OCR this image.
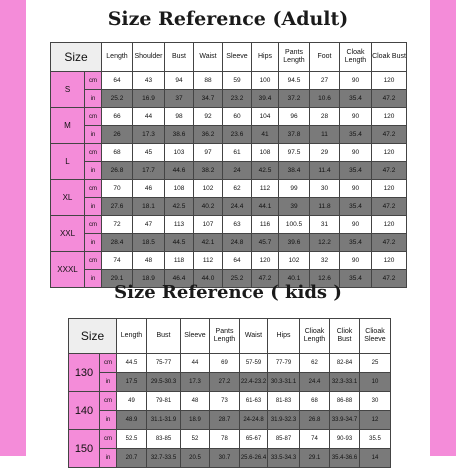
Size Reference (Adult)
Size		Length	Shoulder	Bust	Waist	Sleeve	Hips	Pants Length	Foot	Cloak Length	Cloak Bust
S	cm	64	43	94	88	59	100	94.5	27	90	120
	in	25.2	16.9	37	34.7	23.2	39.4	37.2	10.6	35.4	47.2
M	cm	66	44	98	92	60	104	96	28	90	120
	in	26	17.3	38.6	36.2	23.6	41	37.8	11	35.4	47.2
L	cm	68	45	103	97	61	108	97.5	29	90	120
	in	26.8	17.7	44.6	38.2	24	42.5	38.4	11.4	35.4	47.2
XL	cm	70	46	108	102	62	112	99	30	90	120
	in	27.6	18.1	42.5	40.2	24.4	44.1	39	11.8	35.4	47.2
XXL	cm	72	47	113	107	63	116	100.5	31	90	120
	in	28.4	18.5	44.5	42.1	24.8	45.7	39.6	12.2	35.4	47.2
XXXL	cm	74	48	118	112	64	120	102	32	90	120
	in	29.1	18.9	46.4	44.0	25.2	47.2	40.1	12.6	35.4	47.2
Size Reference ( kids )
Size		Length	Bust	Sleeve	Pants Length	Waist	Hips	Clioak Length	Cliok Bust	Clioak Sleeve
130	cm	44.5	75-77	44	69	57-59	77-79	62	82-84	25
	in	17.5	29.5-30.3	17.3	27.2	22.4-23.2	30.3-31.1	24.4	32.3-33.1	10
140	cm	49	79-81	48	73	61-63	81-83	68	86-88	30
	in	48.9	31.1-31.9	18.9	28.7	24-24.8	31.9-32.3	26.8	33.9-34.7	12
150	cm	52.5	83-85	52	78	65-67	85-87	74	90-93	35.5
	in	20.7	32.7-33.5	20.5	30.7	25.6-26.4	33.5-34.3	29.1	35.4-36.6	14
